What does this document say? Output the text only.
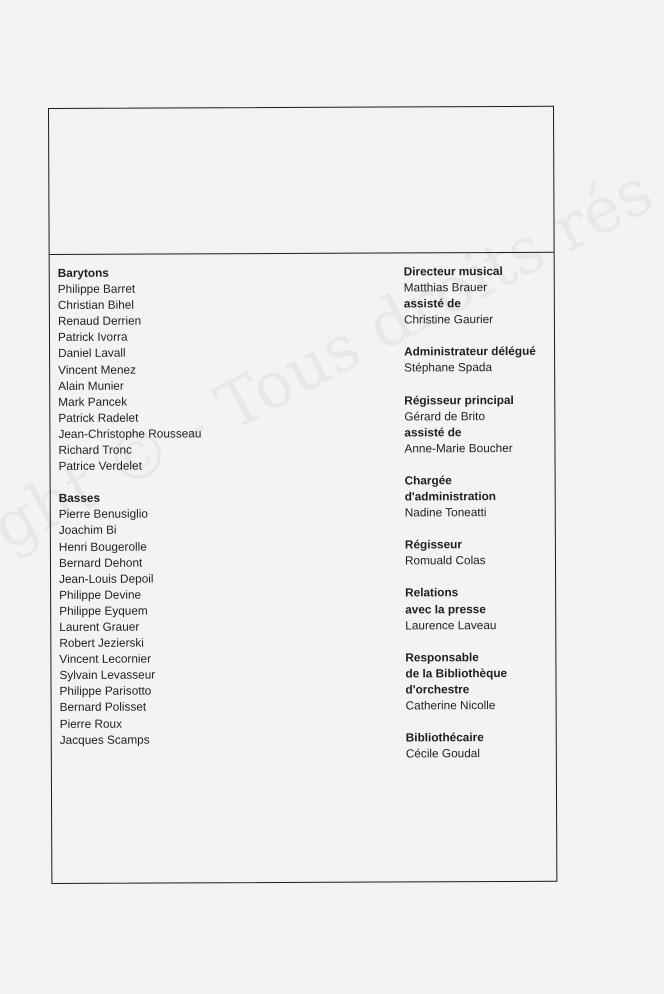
Barytons
Philippe Barret
Christian Bihel
Renaud Derrien
Patrick Ivorra
Daniel Lavall
Vincent Menez
Alain Munier
Mark Pancek
Patrick Radelet
Jean-Christophe Rousseau
Richard Tronc
Patrice Verdelet
Basses
Pierre Benusiglio
Joachim Bi
Henri Bougerolle
Bernard Dehont
Jean-Louis Depoil
Philippe Devine
Philippe Eyquem
Laurent Grauer
Robert Jezierski
Vincent Lecornier
Sylvain Levasseur
Philippe Parisotto
Bernard Polisset
Pierre Roux
Jacques Scamps
Directeur musical
Matthias Brauer
assisté de
Christine Gaurier
Administrateur délégué
Stéphane Spada
Régisseur principal
Gérard de Brito
assisté de
Anne-Marie Boucher
Chargée
d'administration
Nadine Toneatti
Régisseur
Romuald Colas
Relations
avec la presse
Laurence Laveau
Responsable
de la Bibliothèque
d'orchestre
Catherine Nicolle
Bibliothécaire
Cécile Goudal
